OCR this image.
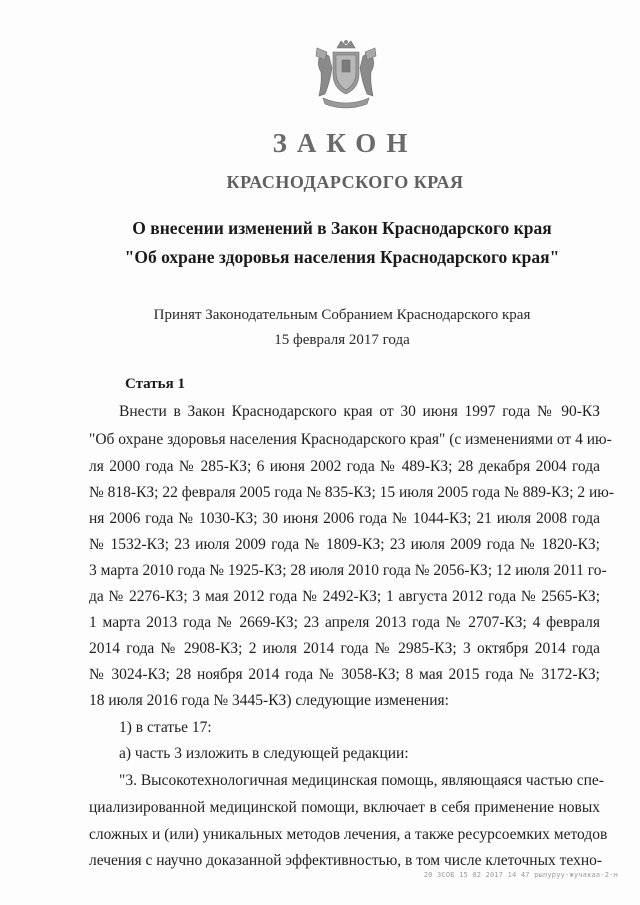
ЗАКОН
КРАСНОДАРСКОГО КРАЯ
О внесении изменений в Закон Краснодарского края
"Об охране здоровья населения Краснодарского края"
Принят Законодательным Собранием Краснодарского края
15 февраля 2017 года
Статья 1
Внести в Закон Краснодарского края от 30 июня 1997 года № 90-КЗ
"Об охране здоровья населения Краснодарского края" (с изменениями от 4 ию-
ля 2000 года № 285-КЗ; 6 июня 2002 года № 489-КЗ; 28 декабря 2004 года
№ 818-КЗ; 22 февраля 2005 года № 835-КЗ; 15 июля 2005 года № 889-КЗ; 2 ию-
ня 2006 года № 1030-КЗ; 30 июня 2006 года № 1044-КЗ; 21 июля 2008 года
№ 1532-КЗ; 23 июля 2009 года № 1809-КЗ; 23 июля 2009 года № 1820-КЗ;
3 марта 2010 года № 1925-КЗ; 28 июля 2010 года № 2056-КЗ; 12 июля 2011 го-
да № 2276-КЗ; 3 мая 2012 года № 2492-КЗ; 1 августа 2012 года № 2565-КЗ;
1 марта 2013 года № 2669-КЗ; 23 апреля 2013 года № 2707-КЗ; 4 февраля
2014 года № 2908-КЗ; 2 июля 2014 года № 2985-КЗ; 3 октября 2014 года
№ 3024-КЗ; 28 ноября 2014 года № 3058-КЗ; 8 мая 2015 года № 3172-КЗ;
18 июля 2016 года № 3445-КЗ) следующие изменения:
1) в статье 17:
а) часть 3 изложить в следующей редакции:
"3. Высокотехнологичная медицинская помощь, являющаяся частью спе-
циализированной медицинской помощи, включает в себя применение новых
сложных и (или) уникальных методов лечения, а также ресурсоемких методов
лечения с научно доказанной эффективностью, в том числе клеточных техно-
20 ЗСОБ 15 02 2017 14 47 рыпуруу-жучакаа-2-н
